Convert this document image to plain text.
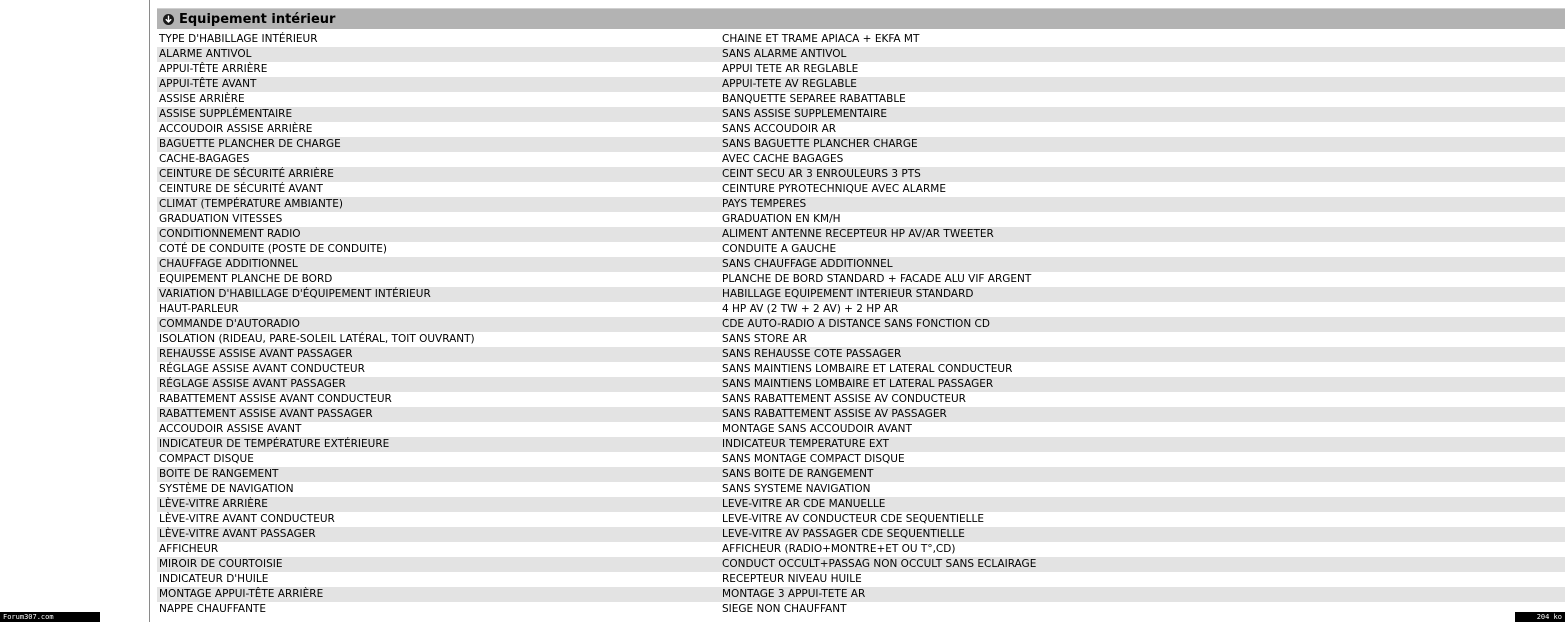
Equipement intérieur
TYPE D'HABILLAGE INTÉRIEUR	CHAINE ET TRAME APIACA + EKFA MT
ALARME ANTIVOL	SANS ALARME ANTIVOL
APPUI-TÊTE ARRIÈRE	APPUI TETE AR REGLABLE
APPUI-TÊTE AVANT	APPUI-TETE AV REGLABLE
ASSISE ARRIÈRE	BANQUETTE SEPAREE RABATTABLE
ASSISE SUPPLÉMENTAIRE	SANS ASSISE SUPPLEMENTAIRE
ACCOUDOIR ASSISE ARRIÈRE	SANS ACCOUDOIR AR
BAGUETTE PLANCHER DE CHARGE	SANS BAGUETTE PLANCHER CHARGE
CACHE-BAGAGES	AVEC CACHE BAGAGES
CEINTURE DE SÉCURITÉ ARRIÈRE	CEINT SECU AR 3 ENROULEURS 3 PTS
CEINTURE DE SÉCURITÉ AVANT	CEINTURE PYROTECHNIQUE AVEC ALARME
CLIMAT (TEMPÉRATURE AMBIANTE)	PAYS TEMPERES
GRADUATION VITESSES	GRADUATION EN KM/H
CONDITIONNEMENT RADIO	ALIMENT ANTENNE RECEPTEUR HP AV/AR TWEETER
COTÉ DE CONDUITE (POSTE DE CONDUITE)	CONDUITE A GAUCHE
CHAUFFAGE ADDITIONNEL	SANS CHAUFFAGE ADDITIONNEL
EQUIPEMENT PLANCHE DE BORD	PLANCHE DE BORD STANDARD + FACADE ALU VIF ARGENT
VARIATION D'HABILLAGE D'ÉQUIPEMENT INTÉRIEUR	HABILLAGE EQUIPEMENT INTERIEUR STANDARD
HAUT-PARLEUR	4 HP AV (2 TW + 2 AV) + 2 HP AR
COMMANDE D'AUTORADIO	CDE AUTO-RADIO A DISTANCE SANS FONCTION CD
ISOLATION (RIDEAU, PARE-SOLEIL LATÉRAL, TOIT OUVRANT)	SANS STORE AR
REHAUSSE ASSISE AVANT PASSAGER	SANS REHAUSSE COTE PASSAGER
RÉGLAGE ASSISE AVANT CONDUCTEUR	SANS MAINTIENS LOMBAIRE ET LATERAL CONDUCTEUR
RÉGLAGE ASSISE AVANT PASSAGER	SANS MAINTIENS LOMBAIRE ET LATERAL PASSAGER
RABATTEMENT ASSISE AVANT CONDUCTEUR	SANS RABATTEMENT ASSISE AV CONDUCTEUR
RABATTEMENT ASSISE AVANT PASSAGER	SANS RABATTEMENT ASSISE AV PASSAGER
ACCOUDOIR ASSISE AVANT	MONTAGE SANS ACCOUDOIR AVANT
INDICATEUR DE TEMPÉRATURE EXTÉRIEURE	INDICATEUR TEMPERATURE EXT
COMPACT DISQUE	SANS MONTAGE COMPACT DISQUE
BOITE DE RANGEMENT	SANS BOITE DE RANGEMENT
SYSTÈME DE NAVIGATION	SANS SYSTEME NAVIGATION
LÈVE-VITRE ARRIÈRE	LEVE-VITRE AR CDE MANUELLE
LÈVE-VITRE AVANT CONDUCTEUR	LEVE-VITRE AV CONDUCTEUR CDE SEQUENTIELLE
LÈVE-VITRE AVANT PASSAGER	LEVE-VITRE AV PASSAGER CDE SEQUENTIELLE
AFFICHEUR	AFFICHEUR (RADIO+MONTRE+ET OU T°,CD)
MIROIR DE COURTOISIE	CONDUCT OCCULT+PASSAG NON OCCULT SANS ECLAIRAGE
INDICATEUR D'HUILE	RECEPTEUR NIVEAU HUILE
MONTAGE APPUI-TÊTE ARRIÈRE	MONTAGE 3 APPUI-TETE AR
NAPPE CHAUFFANTE	SIEGE NON CHAUFFANT
Forum307.com	204 ko
